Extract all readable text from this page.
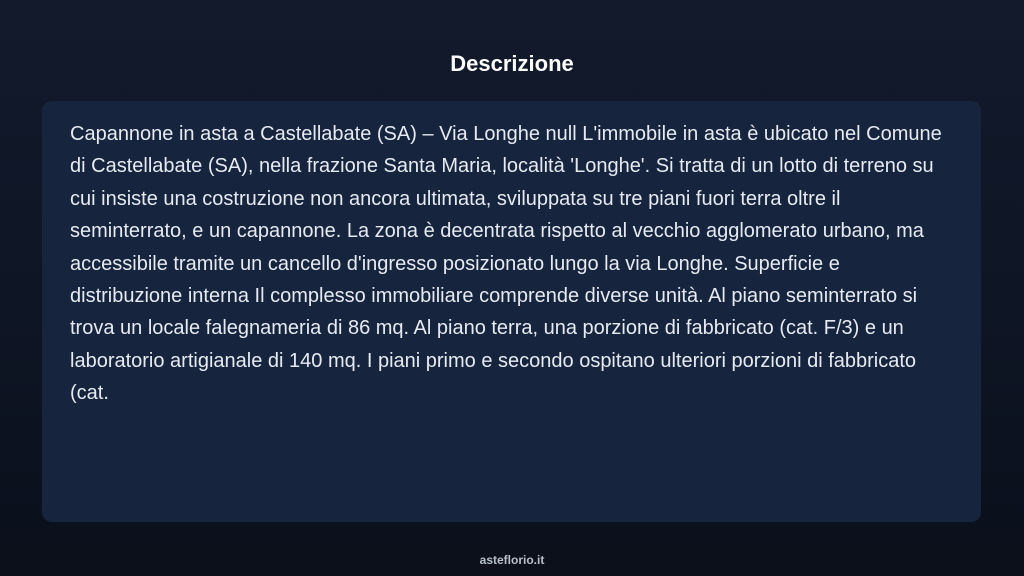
Descrizione

Capannone in asta a Castellabate (SA) – Via Longhe null L'immobile in asta è ubicato nel Comune di Castellabate (SA), nella frazione Santa Maria, località 'Longhe'. Si tratta di un lotto di terreno su cui insiste una costruzione non ancora ultimata, sviluppata su tre piani fuori terra oltre il seminterrato, e un capannone. La zona è decentrata rispetto al vecchio agglomerato urbano, ma accessibile tramite un cancello d'ingresso posizionato lungo la via Longhe. Superficie e distribuzione interna Il complesso immobiliare comprende diverse unità. Al piano seminterrato si trova un locale falegnameria di 86 mq. Al piano terra, una porzione di fabbricato (cat. F/3) e un laboratorio artigianale di 140 mq. I piani primo e secondo ospitano ulteriori porzioni di fabbricato (cat.

asteflorio.it
